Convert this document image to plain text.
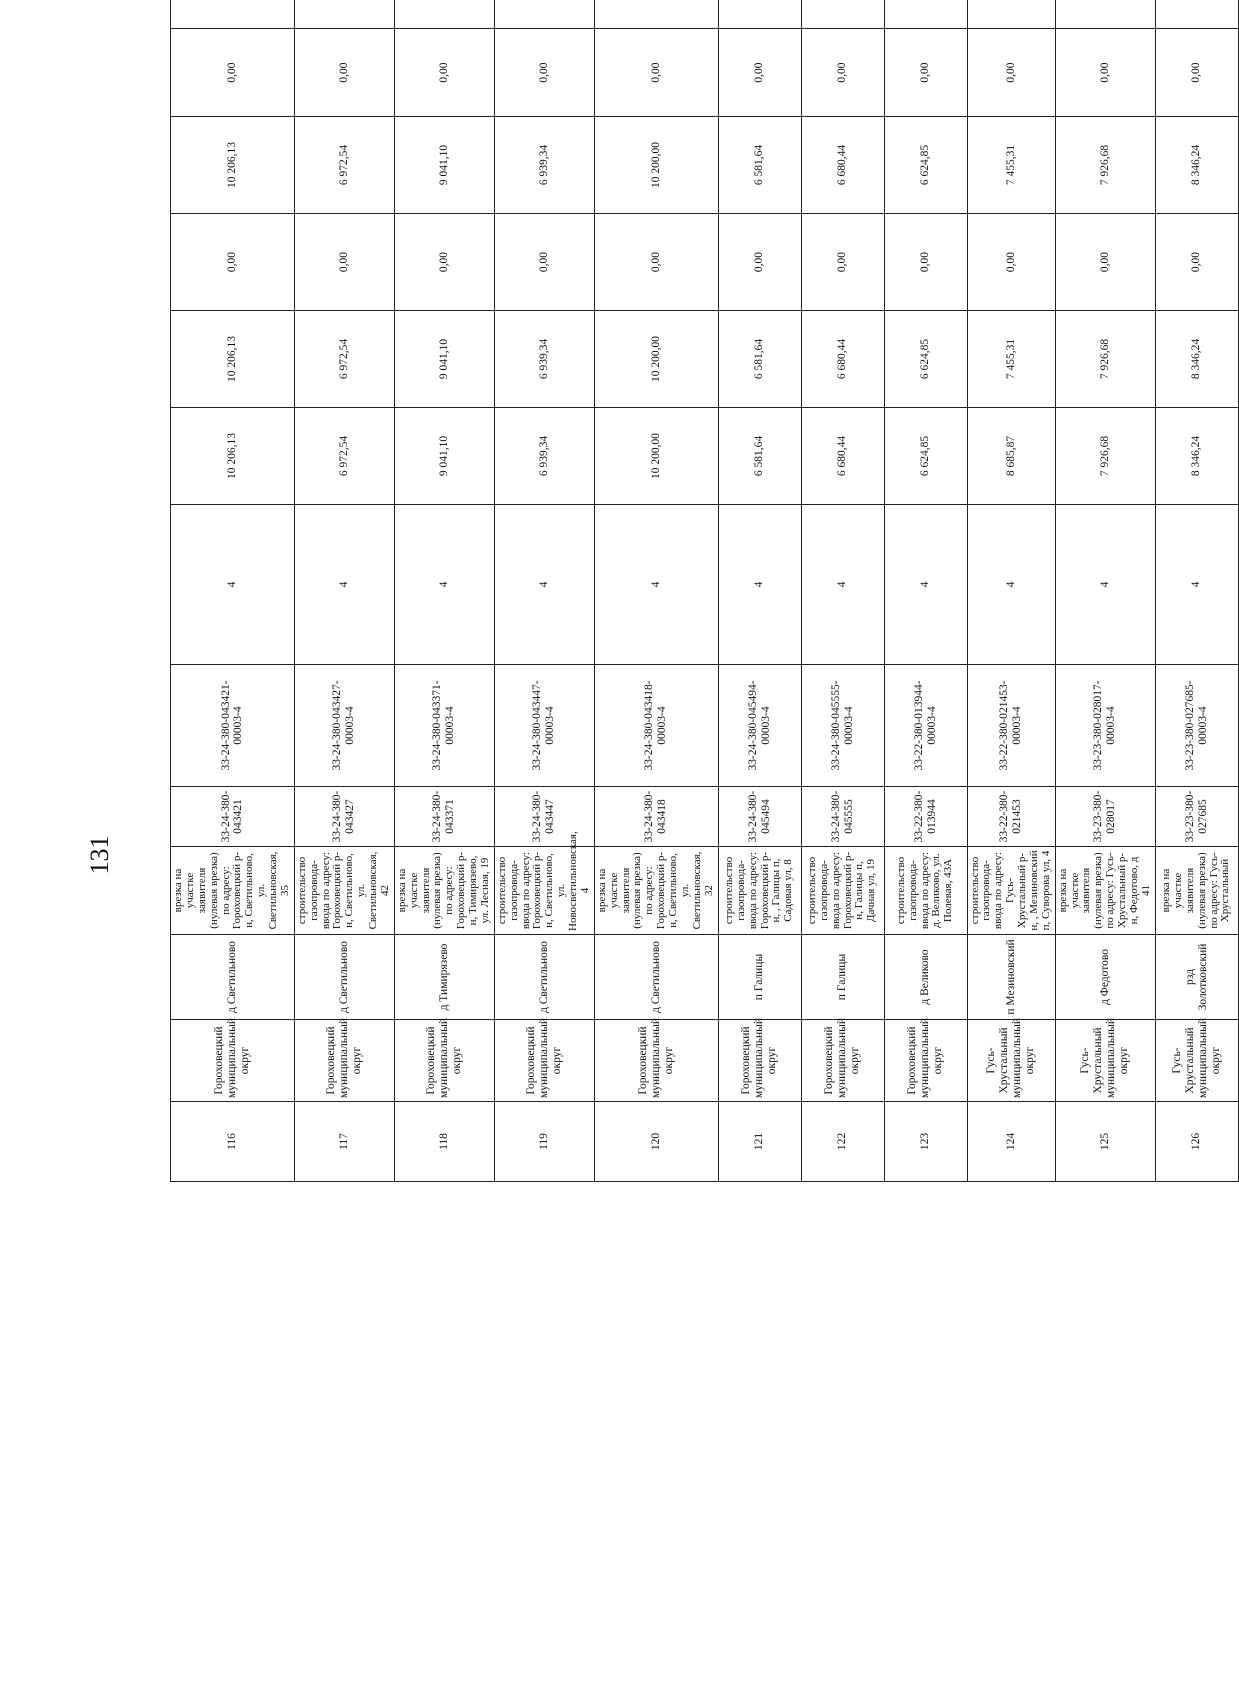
131
116	Гороховецкий муниципальный округ	д Светильново	врезка на участке заявителя (нулевая врезка) по адресу: Гороховецкий р-н, Светильново, ул. Светильновская, 35	33-24-380-043421	33-24-380-043421-00003-4	4	10 206,13	10 206,13	0,00	10 206,13	0,00	
117	Гороховецкий муниципальный округ	д Светильново	строительство газопровода-ввода по адресу: Гороховецкий р-н, Светильново, ул. Светильновская, 42	33-24-380-043427	33-24-380-043427-00003-4	4	6 972,54	6 972,54	0,00	6 972,54	0,00	
118	Гороховецкий муниципальный округ	д Тимирязево	врезка на участке заявителя (нулевая врезка) по адресу: Гороховецкий р-н, Тимирязево, ул. Лесная, 19	33-24-380-043371	33-24-380-043371-00003-4	4	9 041,10	9 041,10	0,00	9 041,10	0,00	
119	Гороховецкий муниципальный округ	д Светильново	строительство газопровода-ввода по адресу: Гороховецкий р-н, Светильново, ул. Новосветильновская, 4	33-24-380-043447	33-24-380-043447-00003-4	4	6 939,34	6 939,34	0,00	6 939,34	0,00	
120	Гороховецкий муниципальный округ	д Светильново	врезка на участке заявителя (нулевая врезка) по адресу: Гороховецкий р-н, Светильново, ул. Светильновская, 32	33-24-380-043418	33-24-380-043418-00003-4	4	10 200,00	10 200,00	0,00	10 200,00	0,00	
121	Гороховецкий муниципальный округ	п Галицы	строительство газопровода-ввода по адресу: Гороховецкий р-н, , Галицы п, Садовая ул, 8	33-24-380-045494	33-24-380-045494-00003-4	4	6 581,64	6 581,64	0,00	6 581,64	0,00	
122	Гороховецкий муниципальный округ	п Галицы	строительство газопровода-ввода по адресу: Гороховецкий р-н, Галицы п, Дачная ул, 19	33-24-380-045555	33-24-380-045555-00003-4	4	6 680,44	6 680,44	0,00	6 680,44	0,00	
123	Гороховецкий муниципальный округ	д Великово	строительство газопровода-ввода по адресу: д. Великово, ул. Полевая, 43А	33-22-380-013944	33-22-380-013944-00003-4	4	6 624,85	6 624,85	0,00	6 624,85	0,00	
124	Гусь-Хрустальный муниципальный округ	п Мезиновский	строительство газопровода-ввода по адресу: Гусь-Хрустальный р-н, , Мезиновский п, Суворова ул, 4	33-22-380-021453	33-22-380-021453-00003-4	4	8 685,87	7 455,31	0,00	7 455,31	0,00	
125	Гусь-Хрустальный муниципальный округ	д Федотово	врезка на участке заявителя (нулевая врезка) по адресу: Гусь-Хрустальный р-н, Федотово, д 41	33-23-380-028017	33-23-380-028017-00003-4	4	7 926,68	7 926,68	0,00	7 926,68	0,00	
126	Гусь-Хрустальный муниципальный округ	рзд Золотковский	врезка на участке заявителя (нулевая врезка) по адресу: Гусь-Хрустальный	33-23-380-027685	33-23-380-027685-00003-4	4	8 346,24	8 346,24	0,00	8 346,24	0,00	
